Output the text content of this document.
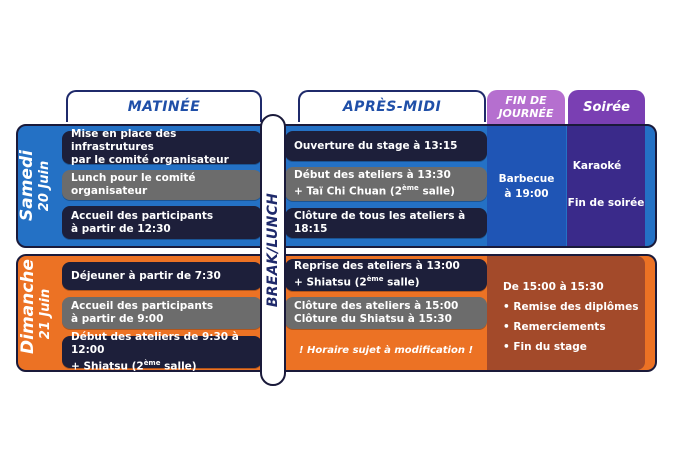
MATINÉE	APRÈS-MIDI	FIN DE
JOURNÉE Soirée
Samedi 20 Juin
Mise en place des infrastrutures
par le comité organisateur
Lunch pour le comité organisateur
Accueil des participants
à partir de 12:30
Ouverture du stage à 13:15
Début des ateliers à 13:30
+ Taï Chi Chuan (2ème salle)
Clôture de tous les ateliers à 18:15
Barbecue
à 19:00
Karaoké
Fin de soirée
Dimanche 21 Juin
Déjeuner à partir de 7:30
Accueil des participants
à partir de 9:00
Début des ateliers de 9:30 à 12:00
+ Shiatsu (2ème salle)
Reprise des ateliers à 13:00
+ Shiatsu (2ème salle)
Clôture des ateliers à 15:00
Clôture du Shiatsu à 15:30
! Horaire sujet à modification !
De 15:00 à 15:30
• Remise des diplômes
• Remerciements
• Fin du stage
BREAK/LUNCH
